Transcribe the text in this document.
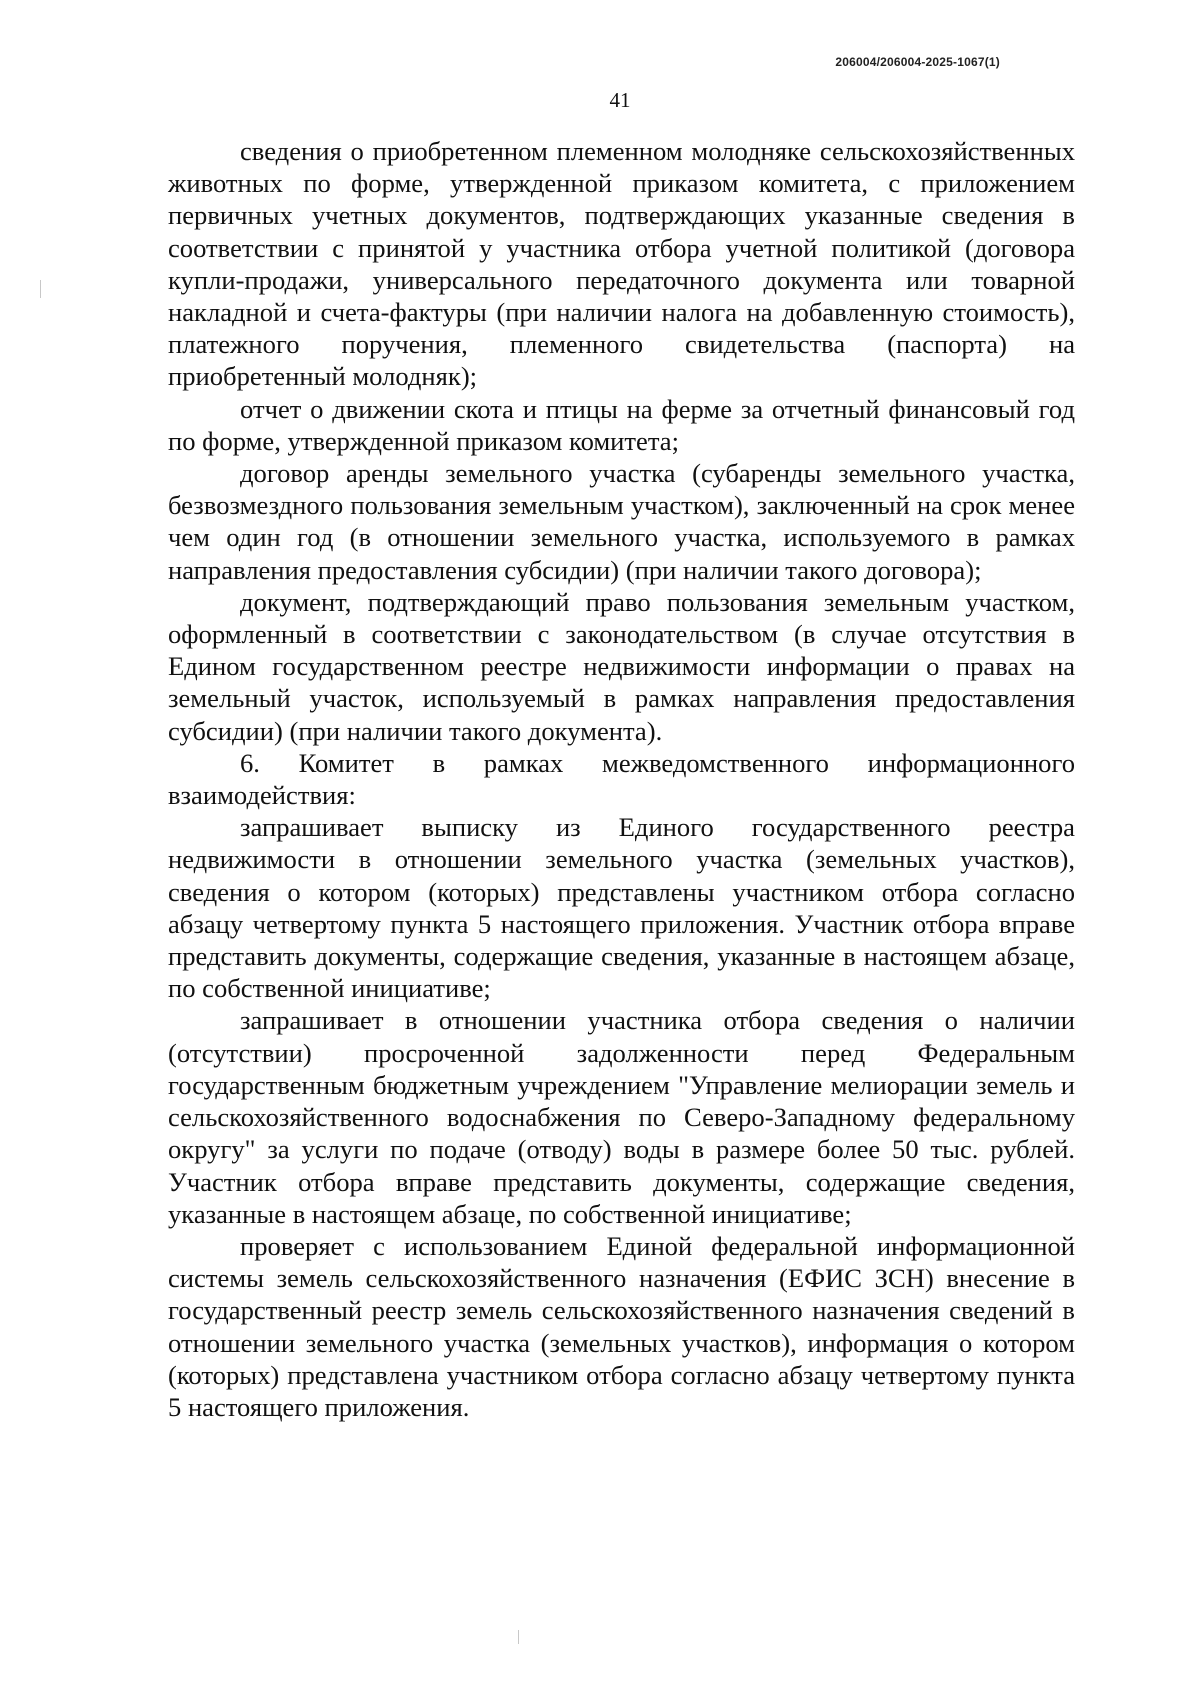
206004/206004-2025-1067(1)
41

сведения о приобретенном племенном молодняке сельскохозяйственных животных по форме, утвержденной приказом комитета, с приложением первичных учетных документов, подтверждающих указанные сведения в соответствии с принятой у участника отбора учетной политикой (договора купли-продажи, универсального передаточного документа или товарной накладной и счета-фактуры (при наличии налога на добавленную стоимость), платежного поручения, племенного свидетельства (паспорта) на приобретенный молодняк);

отчет о движении скота и птицы на ферме за отчетный финансовый год по форме, утвержденной приказом комитета;

договор аренды земельного участка (субаренды земельного участка, безвозмездного пользования земельным участком), заключенный на срок менее чем один год (в отношении земельного участка, используемого в рамках направления предоставления субсидии) (при наличии такого договора);

документ, подтверждающий право пользования земельным участком, оформленный в соответствии с законодательством (в случае отсутствия в Едином государственном реестре недвижимости информации о правах на земельный участок, используемый в рамках направления предоставления субсидии) (при наличии такого документа).

6. Комитет в рамках межведомственного информационного взаимодействия:

запрашивает выписку из Единого государственного реестра недвижимости в отношении земельного участка (земельных участков), сведения о котором (которых) представлены участником отбора согласно абзацу четвертому пункта 5 настоящего приложения. Участник отбора вправе представить документы, содержащие сведения, указанные в настоящем абзаце, по собственной инициативе;

запрашивает в отношении участника отбора сведения о наличии (отсутствии) просроченной задолженности перед Федеральным государственным бюджетным учреждением "Управление мелиорации земель и сельскохозяйственного водоснабжения по Северо-Западному федеральному округу" за услуги по подаче (отводу) воды в размере более 50 тыс. рублей. Участник отбора вправе представить документы, содержащие сведения, указанные в настоящем абзаце, по собственной инициативе;

проверяет с использованием Единой федеральной информационной системы земель сельскохозяйственного назначения (ЕФИС ЗСН) внесение в государственный реестр земель сельскохозяйственного назначения сведений в отношении земельного участка (земельных участков), информация о котором (которых) представлена участником отбора согласно абзацу четвертому пункта 5 настоящего приложения.
